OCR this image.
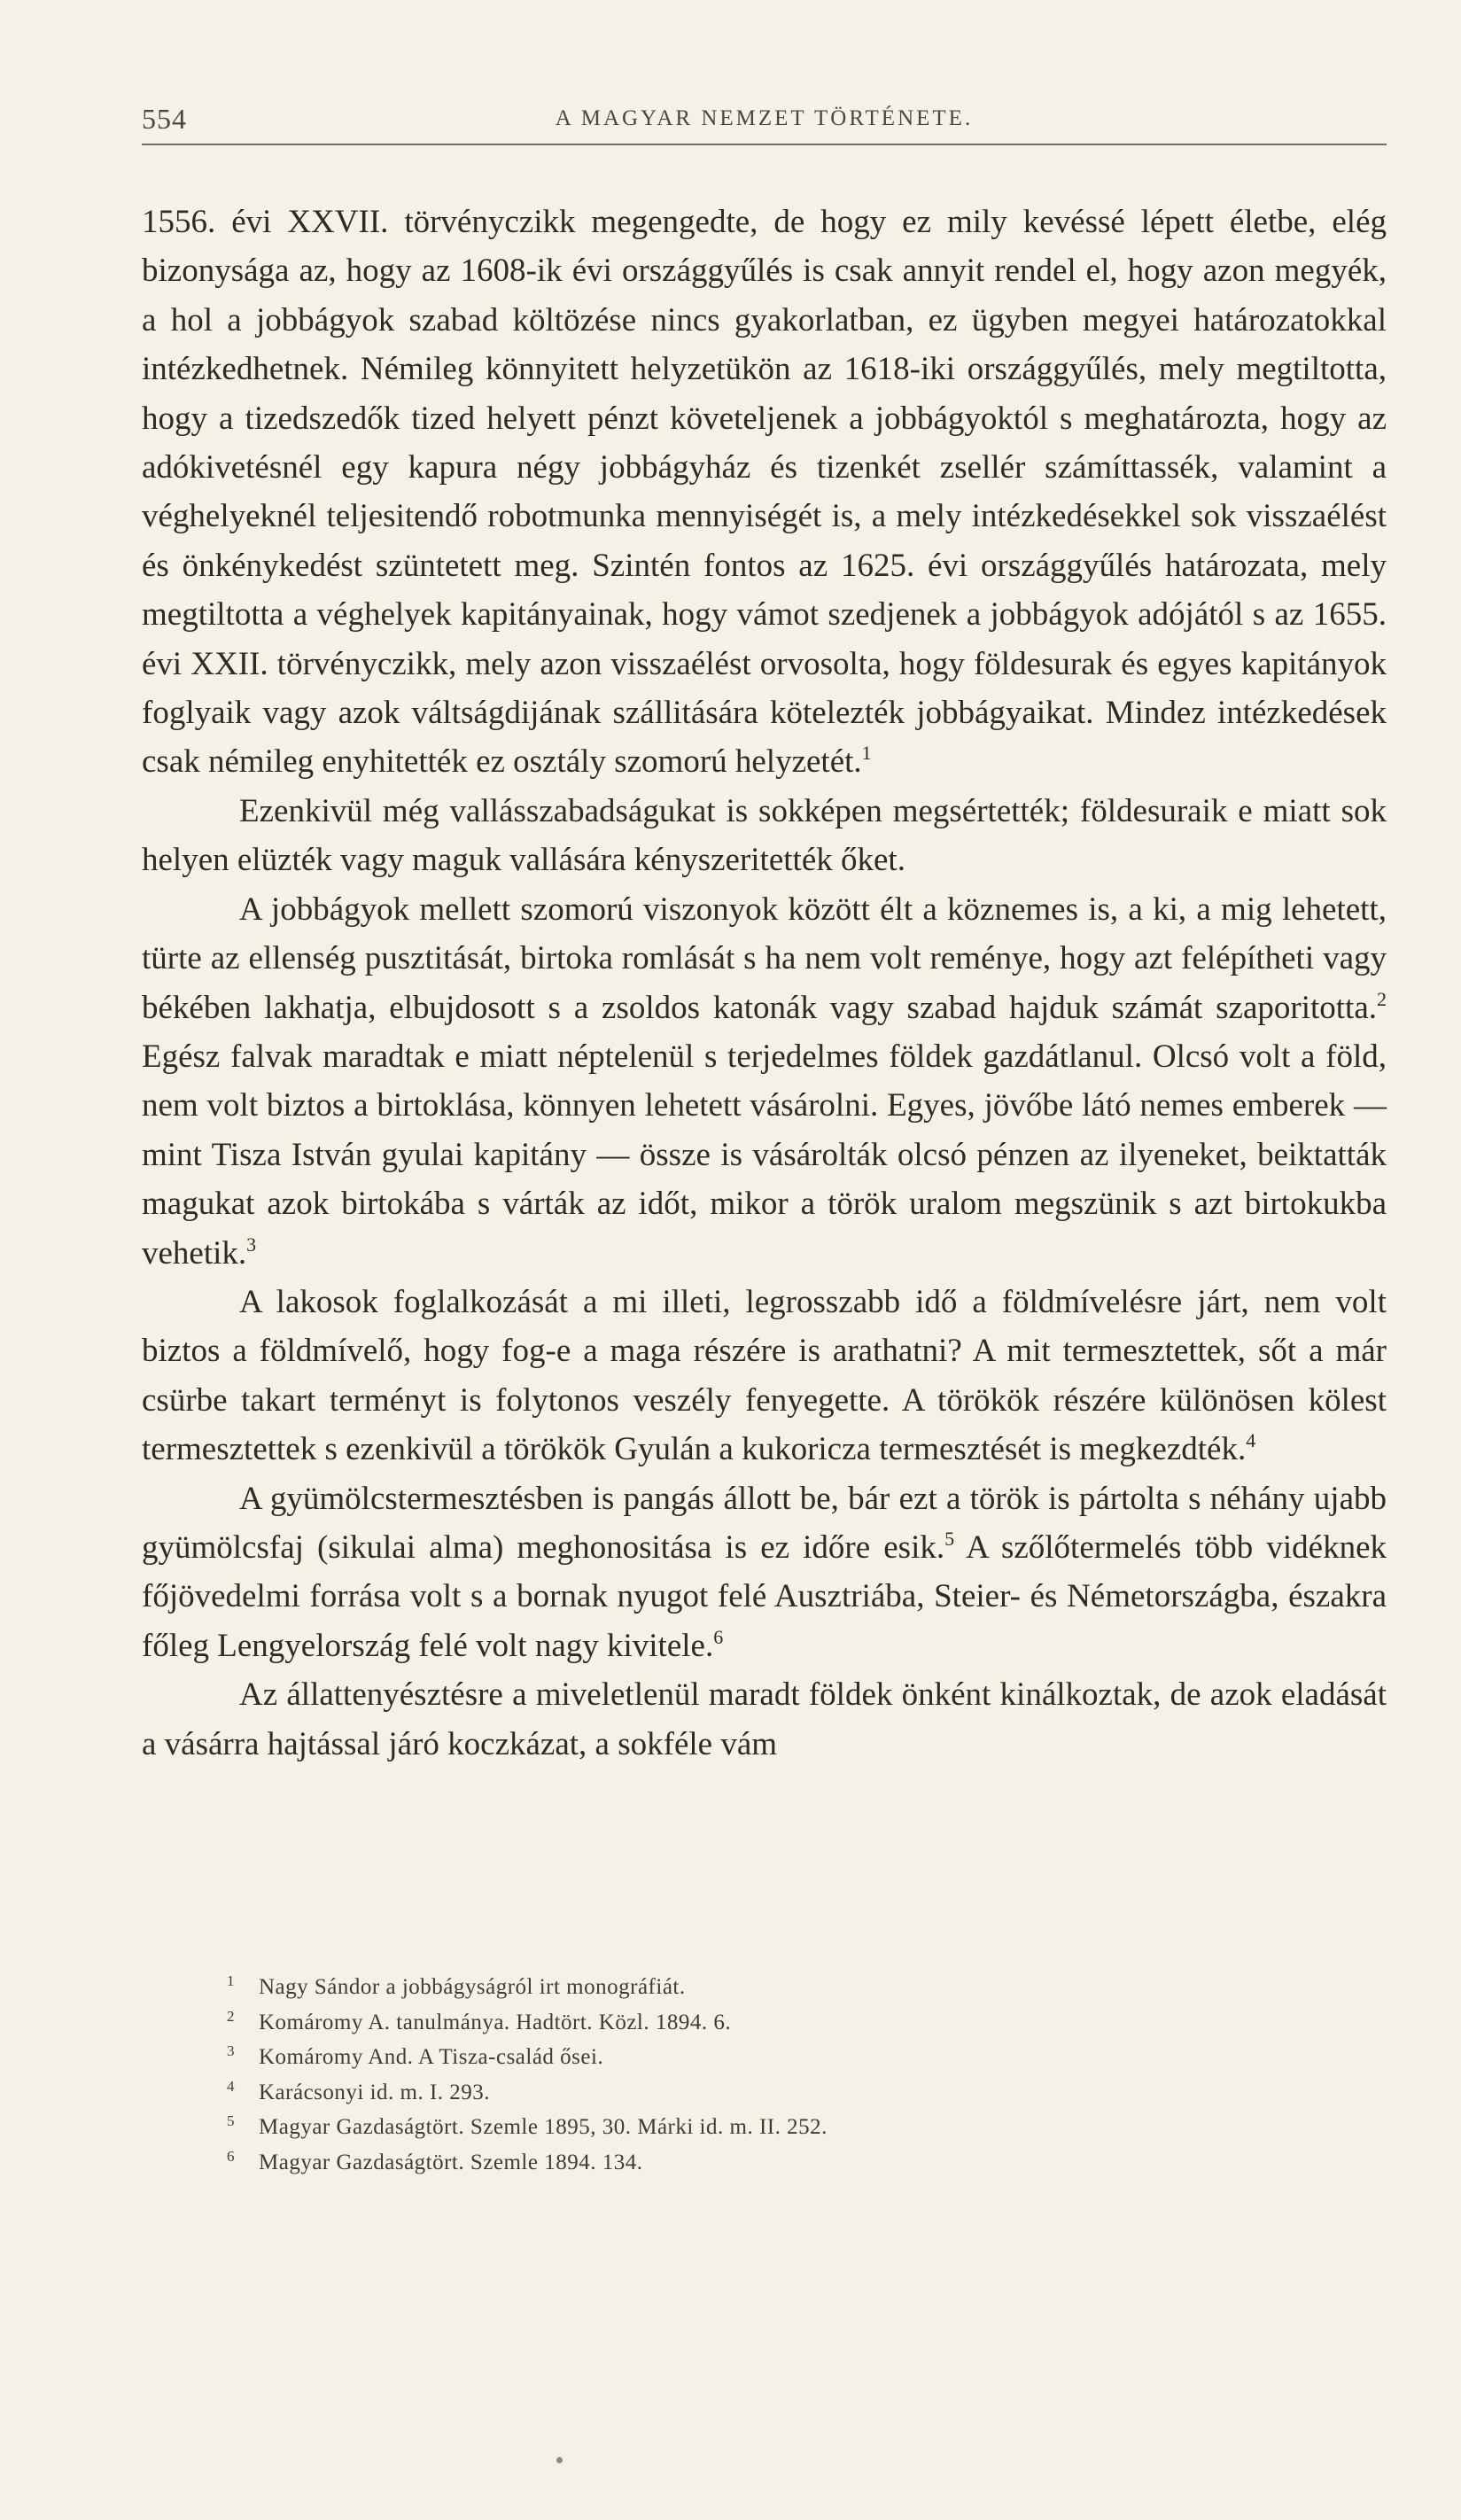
554	A MAGYAR NEMZET TÖRTÉNETE.

1556. évi XXVII. törvényczikk megengedte, de hogy ez mily kevéssé lépett életbe, elég bizonysága az, hogy az 1608-ik évi országgyűlés is csak annyit rendel el, hogy azon megyék, a hol a jobbágyok szabad költözése nincs gyakorlatban, ez ügyben megyei határozatokkal intézkedhetnek. Némileg könnyitett helyzetükön az 1618-iki országgyűlés, mely megtiltotta, hogy a tizedszedők tized helyett pénzt követeljenek a jobbágyoktól s meghatározta, hogy az adókivetésnél egy kapura négy jobbágyház és tizenkét zsellér számíttassék, valamint a véghelyeknél teljesitendő robotmunka mennyiségét is, a mely intézkedésekkel sok visszaélést és önkénykedést szüntetett meg. Szintén fontos az 1625. évi országgyűlés határozata, mely megtiltotta a véghelyek kapitányainak, hogy vámot szedjenek a jobbágyok adójától s az 1655. évi XXII. törvényczikk, mely azon visszaélést orvosolta, hogy földesurak és egyes kapitányok foglyaik vagy azok váltságdijának szállitására kötelezték jobbágyaikat. Mindez intézkedések csak némileg enyhitették ez osztály szomorú helyzetét.$^1$

Ezenkivül még vallásszabadságukat is sokképen megsértették; földesuraik e miatt sok helyen elüzték vagy maguk vallására kényszeritették őket.

A jobbágyok mellett szomorú viszonyok között élt a köznemes is, a ki, a mig lehetett, türte az ellenség pusztitását, birtoka romlását s ha nem volt reménye, hogy azt felépítheti vagy békében lakhatja, elbujdosott s a zsoldos katonák vagy szabad hajduk számát szaporitotta.$^2$ Egész falvak maradtak e miatt néptelenül s terjedelmes földek gazdátlanul. Olcsó volt a föld, nem volt biztos a birtoklása, könnyen lehetett vásárolni. Egyes, jövőbe látó nemes emberek — mint Tisza István gyulai kapitány — össze is vásárolták olcsó pénzen az ilyeneket, beiktatták magukat azok birtokába s várták az időt, mikor a török uralom megszünik s azt birtokukba vehetik.$^3$

A lakosok foglalkozását a mi illeti, legrosszabb idő a földmívelésre járt, nem volt biztos a földmívelő, hogy fog-e a maga részére is arathatni? A mit termesztettek, sőt a már csürbe takart terményt is folytonos veszély fenyegette. A törökök részére különösen kölest termesztettek s ezenkivül a törökök Gyulán a kukoricza termesztését is megkezdték.$^4$

A gyümölcstermesztésben is pangás állott be, bár ezt a török is pártolta s néhány ujabb gyümölcsfaj (sikulai alma) meghonositása is ez időre esik.$^5$ A szőlőtermelés több vidéknek főjövedelmi forrása volt s a bornak nyugot felé Ausztriába, Steier- és Németországba, északra főleg Lengyelország felé volt nagy kivitele.$^6$

Az állattenyésztésre a miveletlenül maradt földek önként kinálkoztak, de azok eladását a vásárra hajtással járó koczkázat, a sokféle vám

1 Nagy Sándor a jobbágyságról irt monográfiát.
2 Komáromy A. tanulmánya. Hadtört. Közl. 1894. 6.
3 Komáromy And. A Tisza-család ősei.
4 Karácsonyi id. m. I. 293.
5 Magyar Gazdaságtört. Szemle 1895, 30. Márki id. m. II. 252.
6 Magyar Gazdaságtört. Szemle 1894. 134.
